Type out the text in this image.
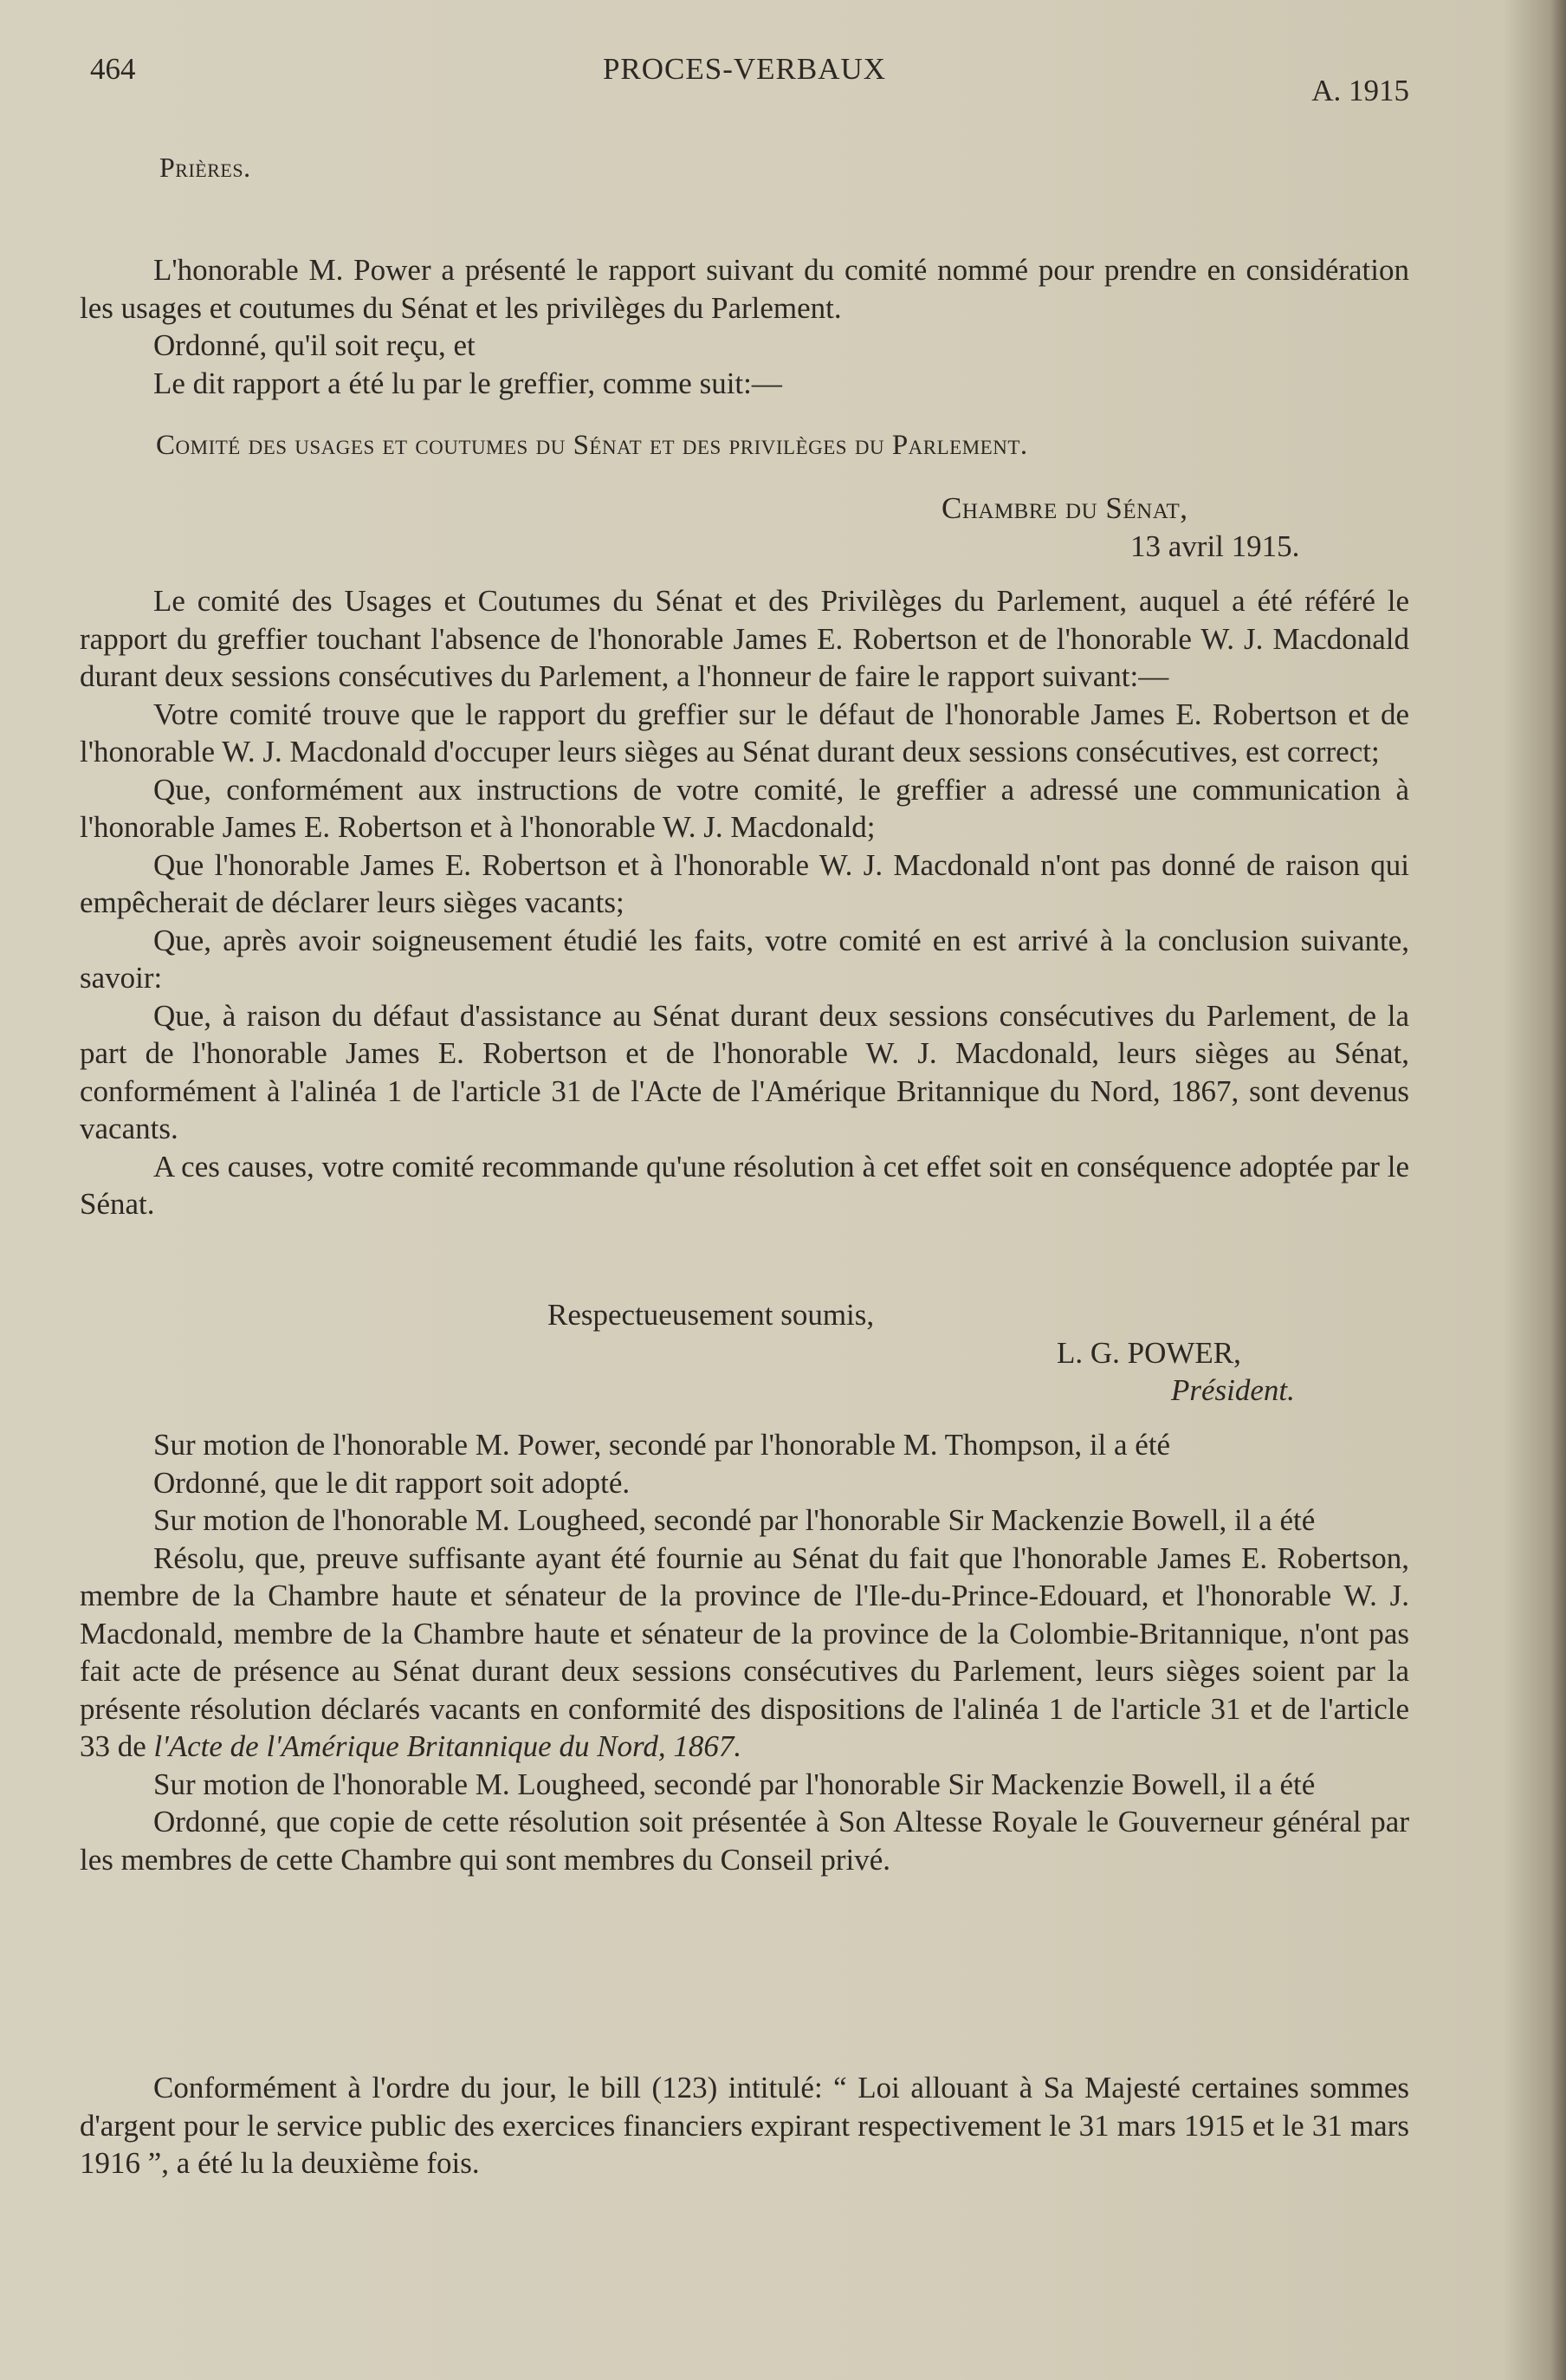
464	PROCES-VERBAUX
A. 1915

Prières.

L'honorable M. Power a présenté le rapport suivant du comité nommé pour prendre en considération les usages et coutumes du Sénat et les privilèges du Parlement.

Ordonné, qu'il soit reçu, et

Le dit rapport a été lu par le greffier, comme suit:—

Comité des usages et coutumes du Sénat et des privilèges du Parlement.

Chambre du Sénat,

13 avril 1915.

Le comité des Usages et Coutumes du Sénat et des Privilèges du Parlement, auquel a été référé le rapport du greffier touchant l'absence de l'honorable James E. Robertson et de l'honorable W. J. Macdonald durant deux sessions consécutives du Parlement, a l'honneur de faire le rapport suivant:—

Votre comité trouve que le rapport du greffier sur le défaut de l'honorable James E. Robertson et de l'honorable W. J. Macdonald d'occuper leurs sièges au Sénat durant deux sessions consécutives, est correct;

Que, conformément aux instructions de votre comité, le greffier a adressé une communication à l'honorable James E. Robertson et à l'honorable W. J. Macdonald;

Que l'honorable James E. Robertson et à l'honorable W. J. Macdonald n'ont pas donné de raison qui empêcherait de déclarer leurs sièges vacants;

Que, après avoir soigneusement étudié les faits, votre comité en est arrivé à la conclusion suivante, savoir:

Que, à raison du défaut d'assistance au Sénat durant deux sessions consécutives du Parlement, de la part de l'honorable James E. Robertson et de l'honorable W. J. Macdonald, leurs sièges au Sénat, conformément à l'alinéa 1 de l'article 31 de l'Acte de l'Amérique Britannique du Nord, 1867, sont devenus vacants.

A ces causes, votre comité recommande qu'une résolution à cet effet soit en conséquence adoptée par le Sénat.

Respectueusement soumis,

L. G. POWER,

Président.

Sur motion de l'honorable M. Power, secondé par l'honorable M. Thompson, il a été

Ordonné, que le dit rapport soit adopté.

Sur motion de l'honorable M. Lougheed, secondé par l'honorable Sir Mackenzie Bowell, il a été

Résolu, que, preuve suffisante ayant été fournie au Sénat du fait que l'honorable James E. Robertson, membre de la Chambre haute et sénateur de la province de l'Ile-du-Prince-Edouard, et l'honorable W. J. Macdonald, membre de la Chambre haute et sénateur de la province de la Colombie-Britannique, n'ont pas fait acte de présence au Sénat durant deux sessions consécutives du Parlement, leurs sièges soient par la présente résolution déclarés vacants en conformité des dispositions de l'alinéa 1 de l'article 31 et de l'article 33 de l'Acte de l'Amérique Britannique du Nord, 1867.

Sur motion de l'honorable M. Lougheed, secondé par l'honorable Sir Mackenzie Bowell, il a été

Ordonné, que copie de cette résolution soit présentée à Son Altesse Royale le Gouverneur général par les membres de cette Chambre qui sont membres du Conseil privé.

Conformément à l'ordre du jour, le bill (123) intitulé: “ Loi allouant à Sa Majesté certaines sommes d'argent pour le service public des exercices financiers expirant respectivement le 31 mars 1915 et le 31 mars 1916 ”, a été lu la deuxième fois.
